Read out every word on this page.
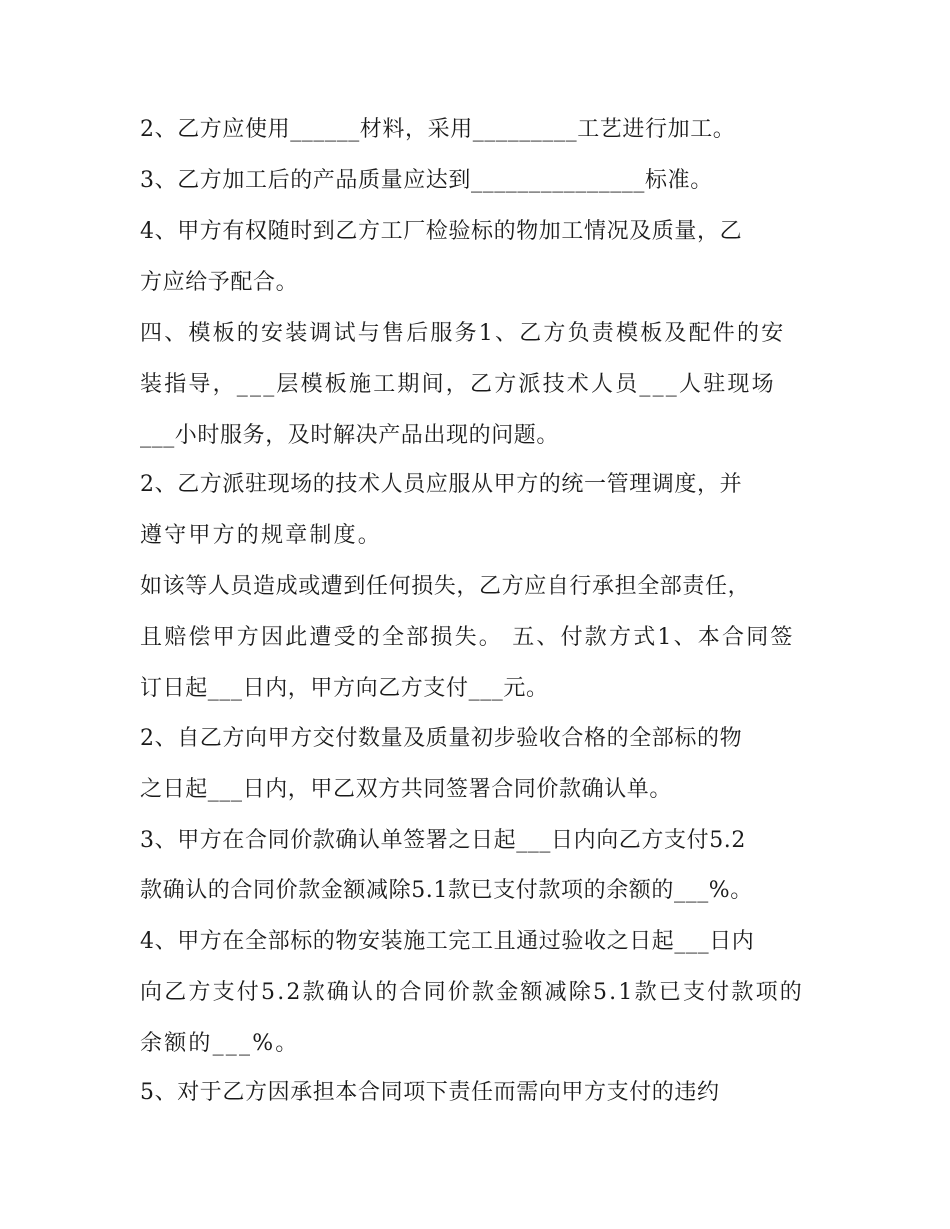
2、乙方应使用______材料，采用_________工艺进行加工。
3、乙方加工后的产品质量应达到_______________标准。
4、甲方有权随时到乙方工厂检验标的物加工情况及质量，乙
方应给予配合。
四、模板的安装调试与售后服务1、乙方负责模板及配件的安
装指导，___层模板施工期间，乙方派技术人员___人驻现场
___小时服务，及时解决产品出现的问题。
2、乙方派驻现场的技术人员应服从甲方的统一管理调度，并
遵守甲方的规章制度。
如该等人员造成或遭到任何损失，乙方应自行承担全部责任，
且赔偿甲方因此遭受的全部损失。 五、付款方式1、本合同签
订日起___日内，甲方向乙方支付___元。
2、自乙方向甲方交付数量及质量初步验收合格的全部标的物
之日起___日内，甲乙双方共同签署合同价款确认单。
3、甲方在合同价款确认单签署之日起___日内向乙方支付5.2
款确认的合同价款金额减除5.1款已支付款项的余额的___%。
4、甲方在全部标的物安装施工完工且通过验收之日起___日内
向乙方支付5.2款确认的合同价款金额减除5.1款已支付款项的
余额的___%。
5、对于乙方因承担本合同项下责任而需向甲方支付的违约
